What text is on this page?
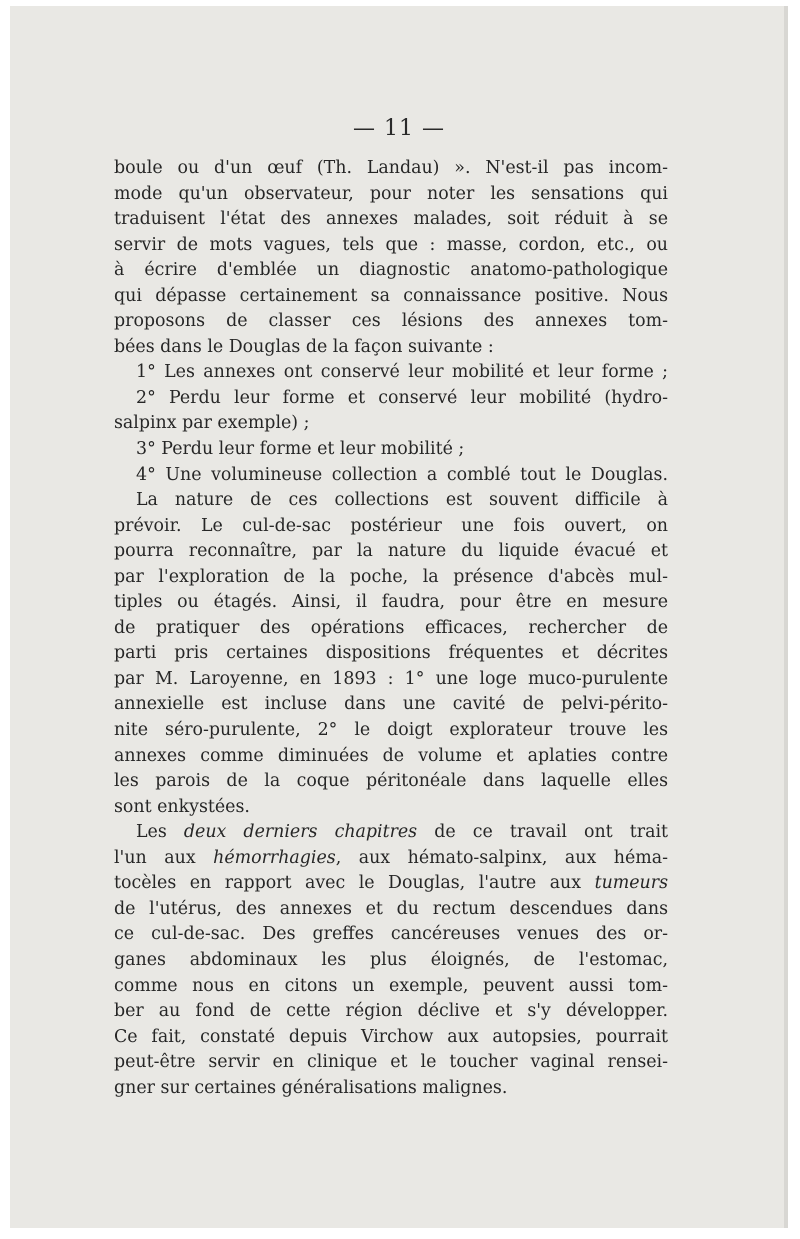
— 11 —
boule ou d'un œuf (Th. Landau) ». N'est-il pas incom-
mode qu'un observateur, pour noter les sensations qui
traduisent l'état des annexes malades, soit réduit à se
servir de mots vagues, tels que : masse, cordon, etc., ou
à écrire d'emblée un diagnostic anatomo-pathologique
qui dépasse certainement sa connaissance positive. Nous
proposons de classer ces lésions des annexes tom-
bées dans le Douglas de la façon suivante :
1° Les annexes ont conservé leur mobilité et leur forme ;
2° Perdu leur forme et conservé leur mobilité (hydro-
salpinx par exemple) ;
3° Perdu leur forme et leur mobilité ;
4° Une volumineuse collection a comblé tout le Douglas.
La nature de ces collections est souvent difficile à
prévoir. Le cul-de-sac postérieur une fois ouvert, on
pourra reconnaître, par la nature du liquide évacué et
par l'exploration de la poche, la présence d'abcès mul-
tiples ou étagés. Ainsi, il faudra, pour être en mesure
de pratiquer des opérations efficaces, rechercher de
parti pris certaines dispositions fréquentes et décrites
par M. Laroyenne, en 1893 : 1° une loge muco-purulente
annexielle est incluse dans une cavité de pelvi-périto-
nite séro-purulente, 2° le doigt explorateur trouve les
annexes comme diminuées de volume et aplaties contre
les parois de la coque péritonéale dans laquelle elles
sont enkystées.
Les deux derniers chapitres de ce travail ont trait
l'un aux hémorrhagies, aux hémato-salpinx, aux héma-
tocèles en rapport avec le Douglas, l'autre aux tumeurs
de l'utérus, des annexes et du rectum descendues dans
ce cul-de-sac. Des greffes cancéreuses venues des or-
ganes abdominaux les plus éloignés, de l'estomac,
comme nous en citons un exemple, peuvent aussi tom-
ber au fond de cette région déclive et s'y développer.
Ce fait, constaté depuis Virchow aux autopsies, pourrait
peut-être servir en clinique et le toucher vaginal rensei-
gner sur certaines généralisations malignes.
